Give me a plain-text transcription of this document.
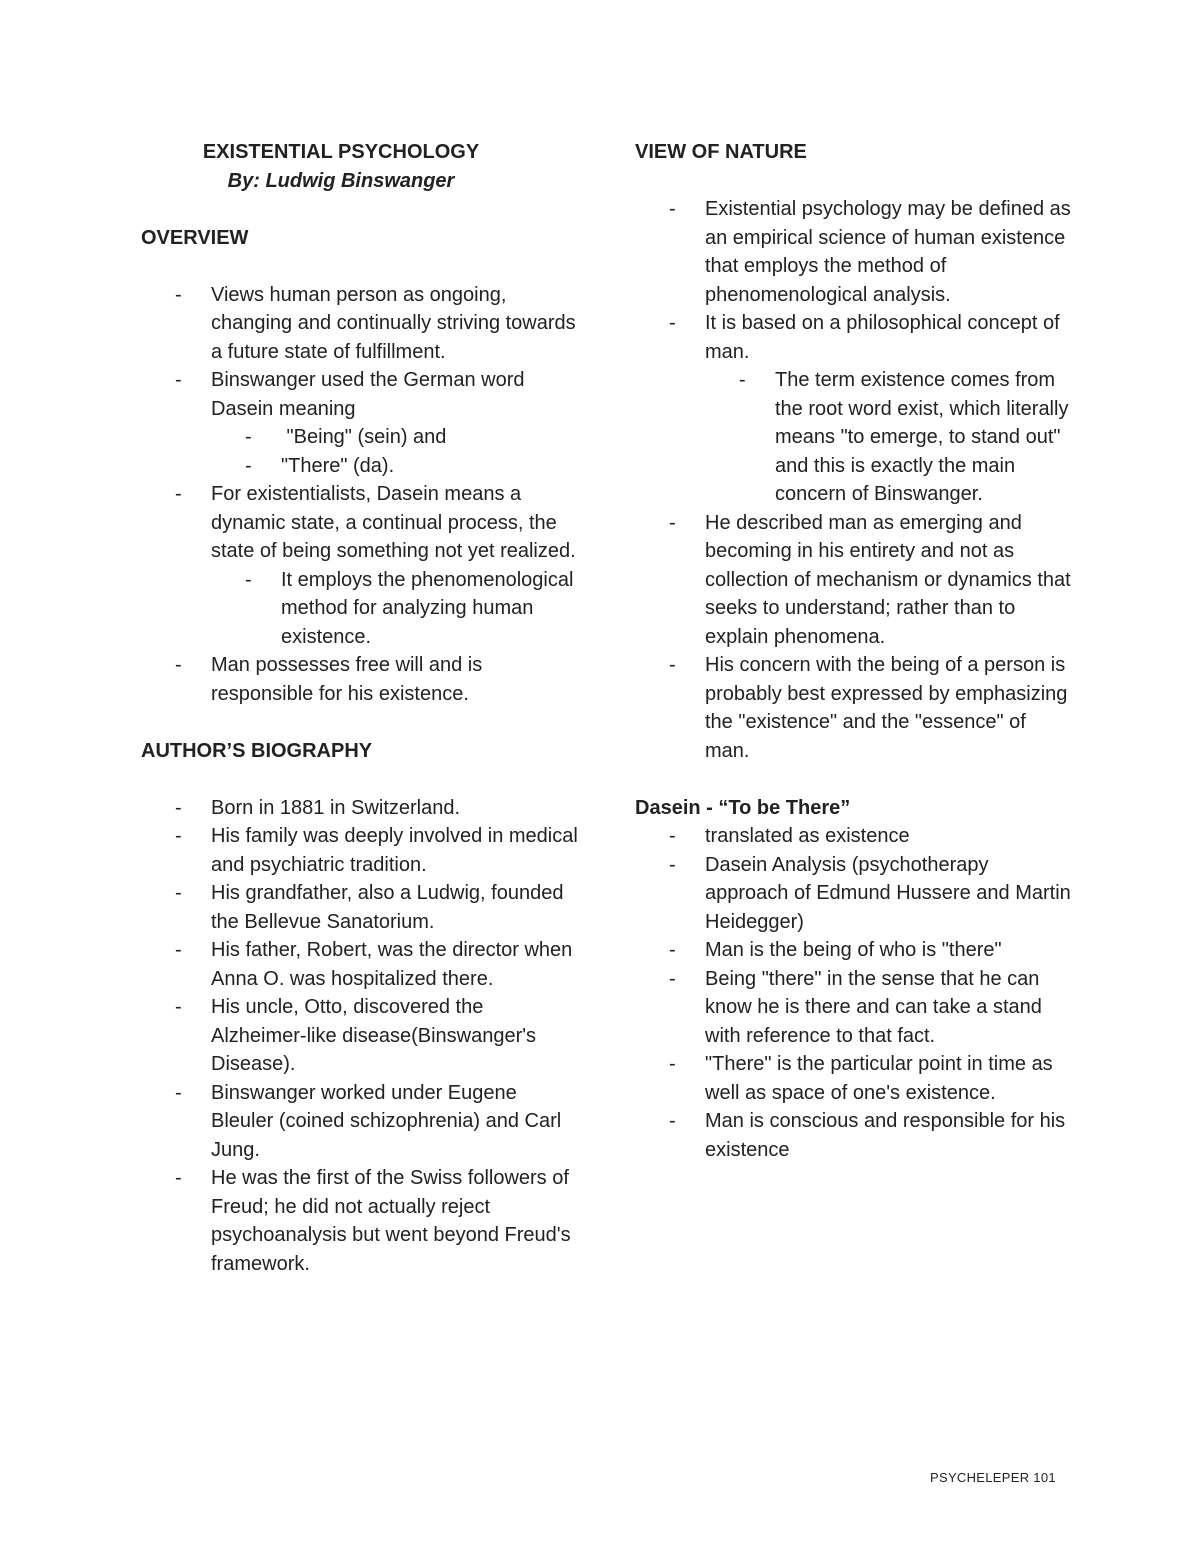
EXISTENTIAL PSYCHOLOGY
By: Ludwig Binswanger
OVERVIEW
- Views human person as ongoing, changing and continually striving towards a future state of fulfillment.
- Binswanger used the German word Dasein meaning
- "Being" (sein) and
- "There" (da).
- For existentialists, Dasein means a dynamic state, a continual process, the state of being something not yet realized.
- It employs the phenomenological method for analyzing human existence.
- Man possesses free will and is responsible for his existence.
AUTHOR’S BIOGRAPHY
- Born in 1881 in Switzerland.
- His family was deeply involved in medical and psychiatric tradition.
- His grandfather, also a Ludwig, founded the Bellevue Sanatorium.
- His father, Robert, was the director when Anna O. was hospitalized there.
- His uncle, Otto, discovered the Alzheimer-like disease(Binswanger's Disease).
- Binswanger worked under Eugene Bleuler (coined schizophrenia) and Carl Jung.
- He was the first of the Swiss followers of Freud; he did not actually reject psychoanalysis but went beyond Freud's framework.
VIEW OF NATURE
- Existential psychology may be defined as an empirical science of human existence that employs the method of phenomenological analysis.
- It is based on a philosophical concept of man.
- The term existence comes from the root word exist, which literally means "to emerge, to stand out" and this is exactly the main concern of Binswanger.
- He described man as emerging and becoming in his entirety and not as collection of mechanism or dynamics that seeks to understand; rather than to explain phenomena.
- His concern with the being of a person is probably best expressed by emphasizing the "existence" and the "essence" of man.
Dasein - “To be There”
- translated as existence
- Dasein Analysis (psychotherapy approach of Edmund Hussere and Martin Heidegger)
- Man is the being of who is "there"
- Being "there" in the sense that he can know he is there and can take a stand with reference to that fact.
- "There" is the particular point in time as well as space of one's existence.
- Man is conscious and responsible for his existence
PSYCHELEPER 101
